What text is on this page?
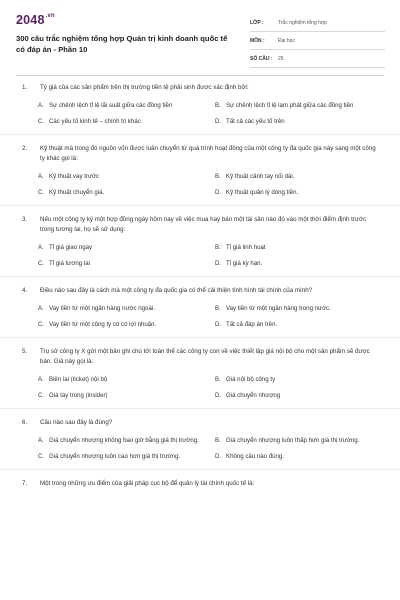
$2048^{.vn}$
300 câu trắc nghiệm tổng hợp Quản trị kinh doanh quốc tế có đáp án - Phần 10
LỚP :	Trắc nghiệm tổng hợp
MÔN :	Đại học
SỐ CÂU :	25
1.	Tỷ giá của các sản phẩm trên thị trường tiền tệ phải sinh được xác định bởi:
A. Sự chênh lệch tỉ lệ lãi suất giữa các đồng tiền	B. Sự chênh lệch tỉ lệ lạm phát giữa các đồng tiền
C. Các yếu tố kinh tế – chính trị khác	D. Tất cả các yếu tố trên
2.	Kỹ thuật mà trong đó nguồn vốn được luân chuyển từ quá trình hoạt động của một công ty đa quốc gia này sang một công ty khác gọi là:
A. Kỹ thuật vay trước	B. Kỹ thuật cảnh tay nối dài.
C. Kỹ thuật chuyển giá.	D. Kỹ thuật quản lý dòng tiền.
3.	Nếu một công ty ký một hợp đồng ngày hôm nay về việc mua hay bán một tài sản nào đó vào một thời điểm định trước trong tương lai, họ sẽ sử dụng:
A. Tỉ giá giao ngay	B. Tỉ giá linh hoạt
C. Tỉ giá tương lai	D. Tỉ giá kỳ hạn.
4.	Điều nào sau đây là cách mà một công ty đa quốc gia có thể cải thiện tình hình tài chính của mình?
A. Vay tiền từ một ngân hàng nước ngoài.	B. Vay tiền từ một ngân hàng trong nước.
C. Vay tiền từ một công ty có có lợi nhuận.	D. Tất cả đáp án trên.
5.	Trụ sở công ty X gửi một bản ghi chú tới toàn thể các công ty con về việc thiết lập giá nội bộ cho một sản phẩm sẽ được bán. Giá này gọi là:
A. Biên lai (ticket) nội bộ	B. Giá nội bộ công ty
C. Giá tay trong (insider)	D. Giá chuyển nhượng
6.	Câu nào sau đây là đúng?
A. Giá chuyển nhượng không bao giờ bằng giá thị trường.	B. Giá chuyển nhượng luôn thấp hơn giá thị trường.
C. Giá chuyển nhượng luôn cao hơn giá thị trường.	D. Không câu nào đúng.
7.	Một trong những ưu điểm của giải pháp cục bộ để quản lý tài chính quốc tế là:
